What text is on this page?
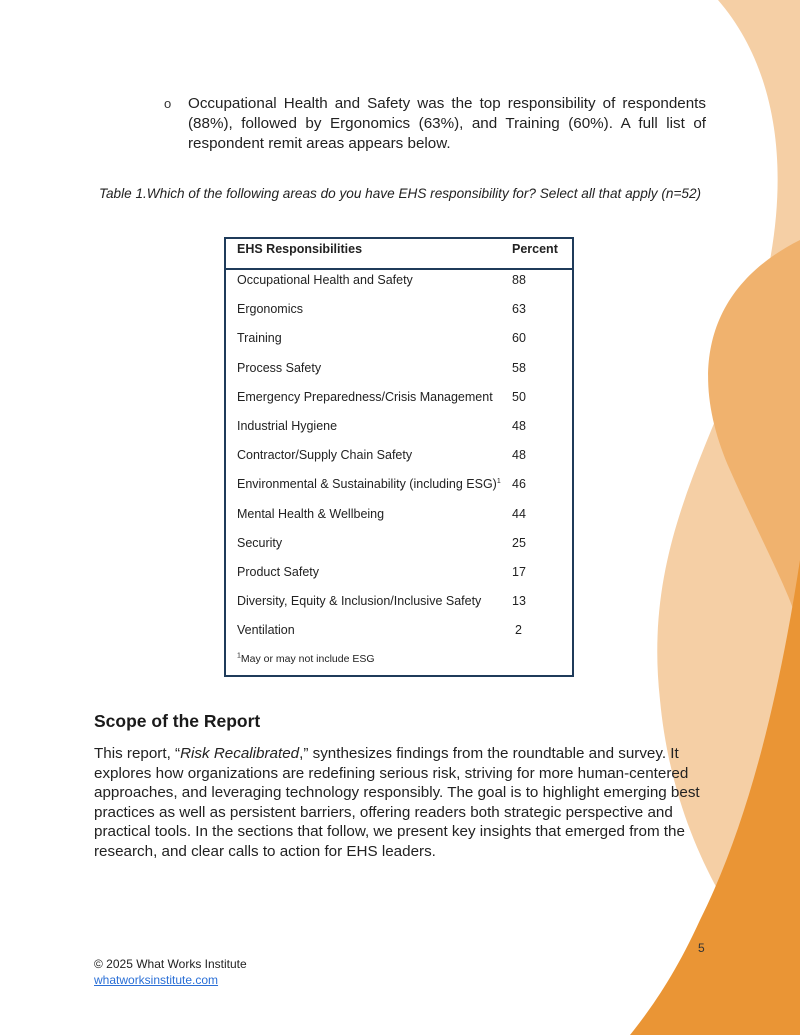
o Occupational Health and Safety was the top responsibility of respondents (88%), followed by Ergonomics (63%), and Training (60%). A full list of respondent remit areas appears below.
Table 1.Which of the following areas do you have EHS responsibility for? Select all that apply (n=52)
EHS Responsibilities	Percent
Occupational Health and Safety	88
Ergonomics	63
Training	60
Process Safety	58
Emergency Preparedness/Crisis Management 50
Industrial Hygiene	48
Contractor/Supply Chain Safety	48
Environmental & Sustainability (including ESG)$^1$ 46
Mental Health & Wellbeing	44
Security	25
Product Safety	17
Diversity, Equity & Inclusion/Inclusive Safety 13
Ventilation	2
$^1$May or may not include ESG
Scope of the Report
This report, “Risk Recalibrated,” synthesizes findings from the roundtable and survey. It explores how organizations are redefining serious risk, striving for more human-centered approaches, and leveraging technology responsibly. The goal is to highlight emerging best practices as well as persistent barriers, offering readers both strategic perspective and practical tools. In the sections that follow, we present key insights that emerged from the research, and clear calls to action for EHS leaders.
5
© 2025 What Works Institute
whatworksinstitute.com
